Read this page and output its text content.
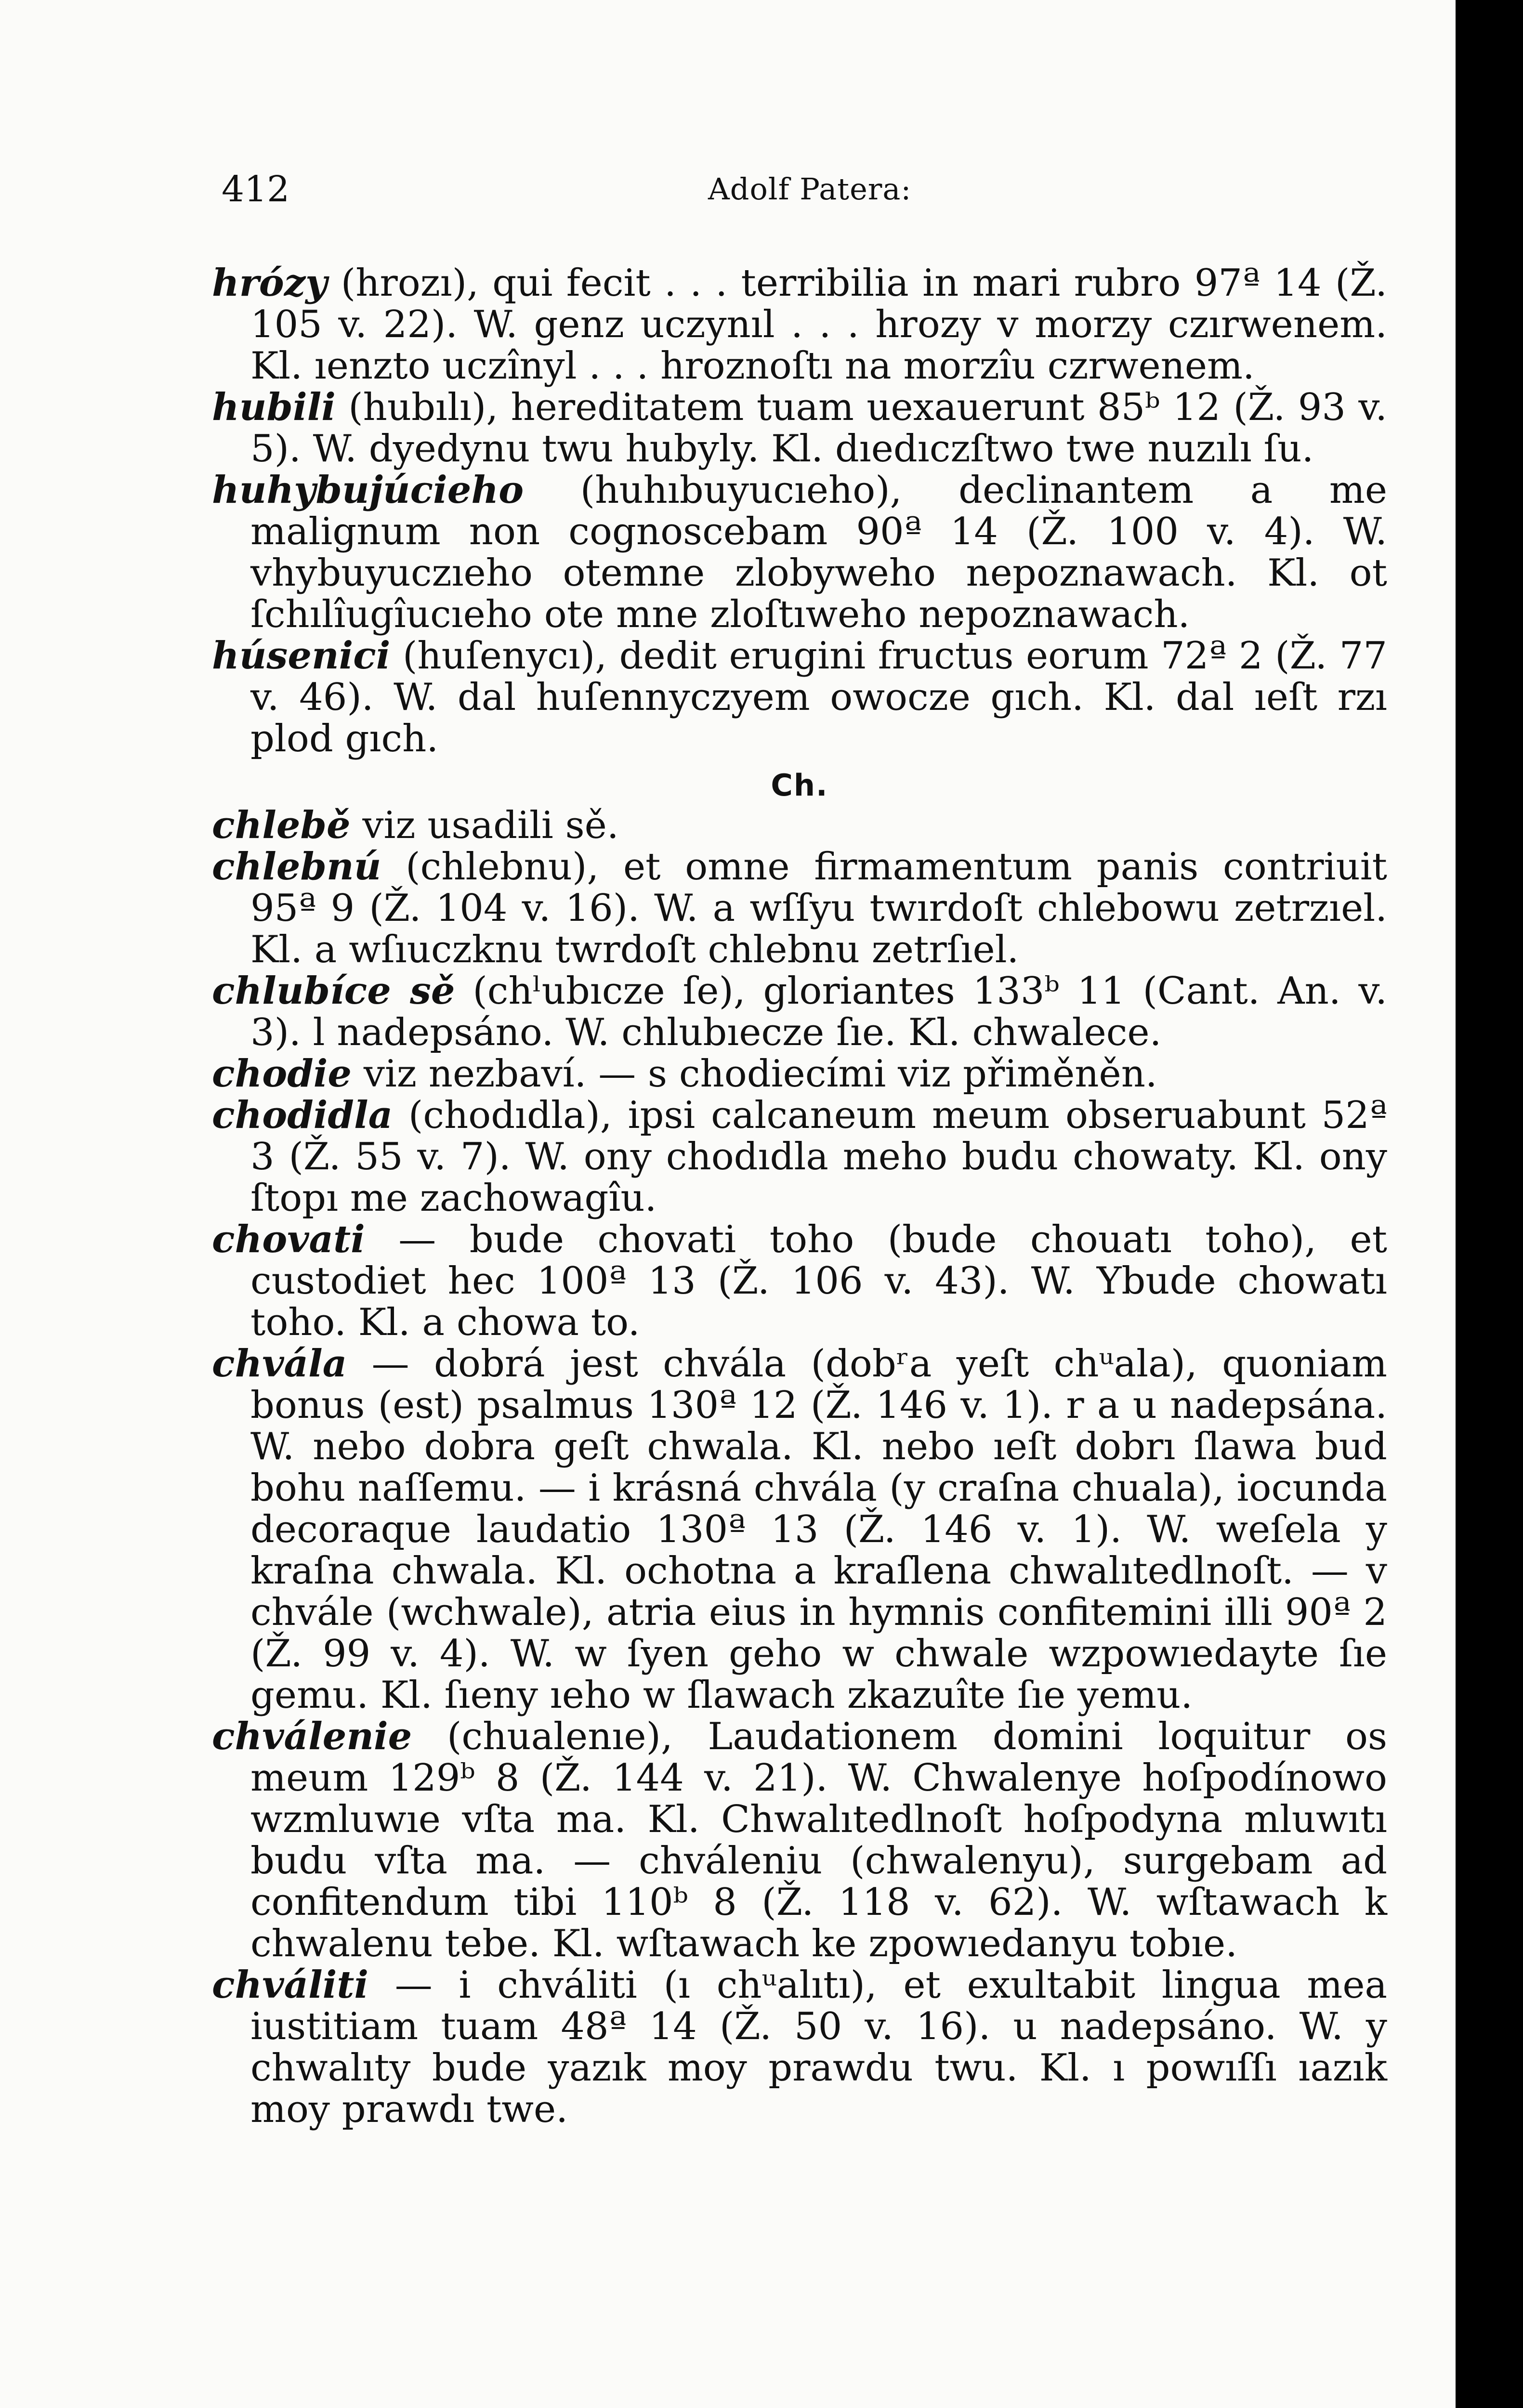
412	Adolf Patera:

hrózy (hrozı), qui fecit . . . terribilia in mari rubro 97ª 14 (Ž. 105 v. 22). W. genz uczynıl . . . hrozy v morzy czırwenem. Kl. ıenzto uczînyl . . . hroznoſtı na morzîu czrwenem.

hubili (hubılı), hereditatem tuam uexauerunt 85ᵇ 12 (Ž. 93 v. 5). W. dyedynu twu hubyly. Kl. dıedıczſtwo twe nuzılı ſu.

huhybujúcieho (huhıbuyucıeho), declinantem a me malignum non cognoscebam 90ª 14 (Ž. 100 v. 4). W. vhybuyuczıeho otemne zlobyweho nepoznawach. Kl. ot ſchılîugîucıeho ote mne zloſtıweho nepoznawach.

húsenici (huſenycı), dedit erugini fructus eorum 72ª 2 (Ž. 77 v. 46). W. dal huſennyczyem owocze gıch. Kl. dal ıeſt rzı plod gıch.

Ch.

chlebě viz usadili sě.

chlebnú (chlebnu), et omne firmamentum panis contriuit 95ª 9 (Ž. 104 v. 16). W. a wſſyu twırdoſt chlebowu zetrzıel. Kl. a wſıuczknu twrdoſt chlebnu zetrſıel.

chlubíce sě (chˡubıcze ſe), gloriantes 133ᵇ 11 (Cant. An. v. 3). l nadepsáno. W. chlubıecze ſıe. Kl. chwalece.

chodie viz nezbaví. — s chodiecími viz přiměněn.

chodidla (chodıdla), ipsi calcaneum meum obseruabunt 52ª 3 (Ž. 55 v. 7). W. ony chodıdla meho budu chowaty. Kl. ony ſtopı me zachowagîu.

chovati — bude chovati toho (bude chouatı toho), et custodiet hec 100ª 13 (Ž. 106 v. 43). W. Ybude chowatı toho. Kl. a chowa to.

chvála — dobrá jest chvála (dobʳa yeſt chᵘala), quoniam bonus (est) psalmus 130ª 12 (Ž. 146 v. 1). r a u nadepsána. W. nebo dobra geſt chwala. Kl. nebo ıeſt dobrı ſlawa bud bohu naſſemu. — i krásná chvála (y craſna chuala), iocunda decoraque laudatio 130ª 13 (Ž. 146 v. 1). W. weſela y kraſna chwala. Kl. ochotna a kraſlena chwalıtedlnoſt. — v chvále (wchwale), atria eius in hymnis confitemini illi 90ª 2 (Ž. 99 v. 4). W. w ſyen geho w chwale wzpowıedayte ſıe gemu. Kl. ſıeny ıeho w ſlawach zkazuîte ſıe yemu.

chválenie (chualenıe), Laudationem domini loquitur os meum 129ᵇ 8 (Ž. 144 v. 21). W. Chwalenye hoſpodínowo wzmluwıe vſta ma. Kl. Chwalıtedlnoſt hoſpodyna mluwıtı budu vſta ma. — chváleniu (chwalenyu), surgebam ad confitendum tibi 110ᵇ 8 (Ž. 118 v. 62). W. wſtawach k chwalenu tebe. Kl. wſtawach ke zpowıedanyu tobıe.

chváliti — i chváliti (ı chᵘalıtı), et exultabit lingua mea iustitiam tuam 48ª 14 (Ž. 50 v. 16). u nadepsáno. W. y chwalıty bude yazık moy prawdu twu. Kl. ı powıſſı ıazık moy prawdı twe.
